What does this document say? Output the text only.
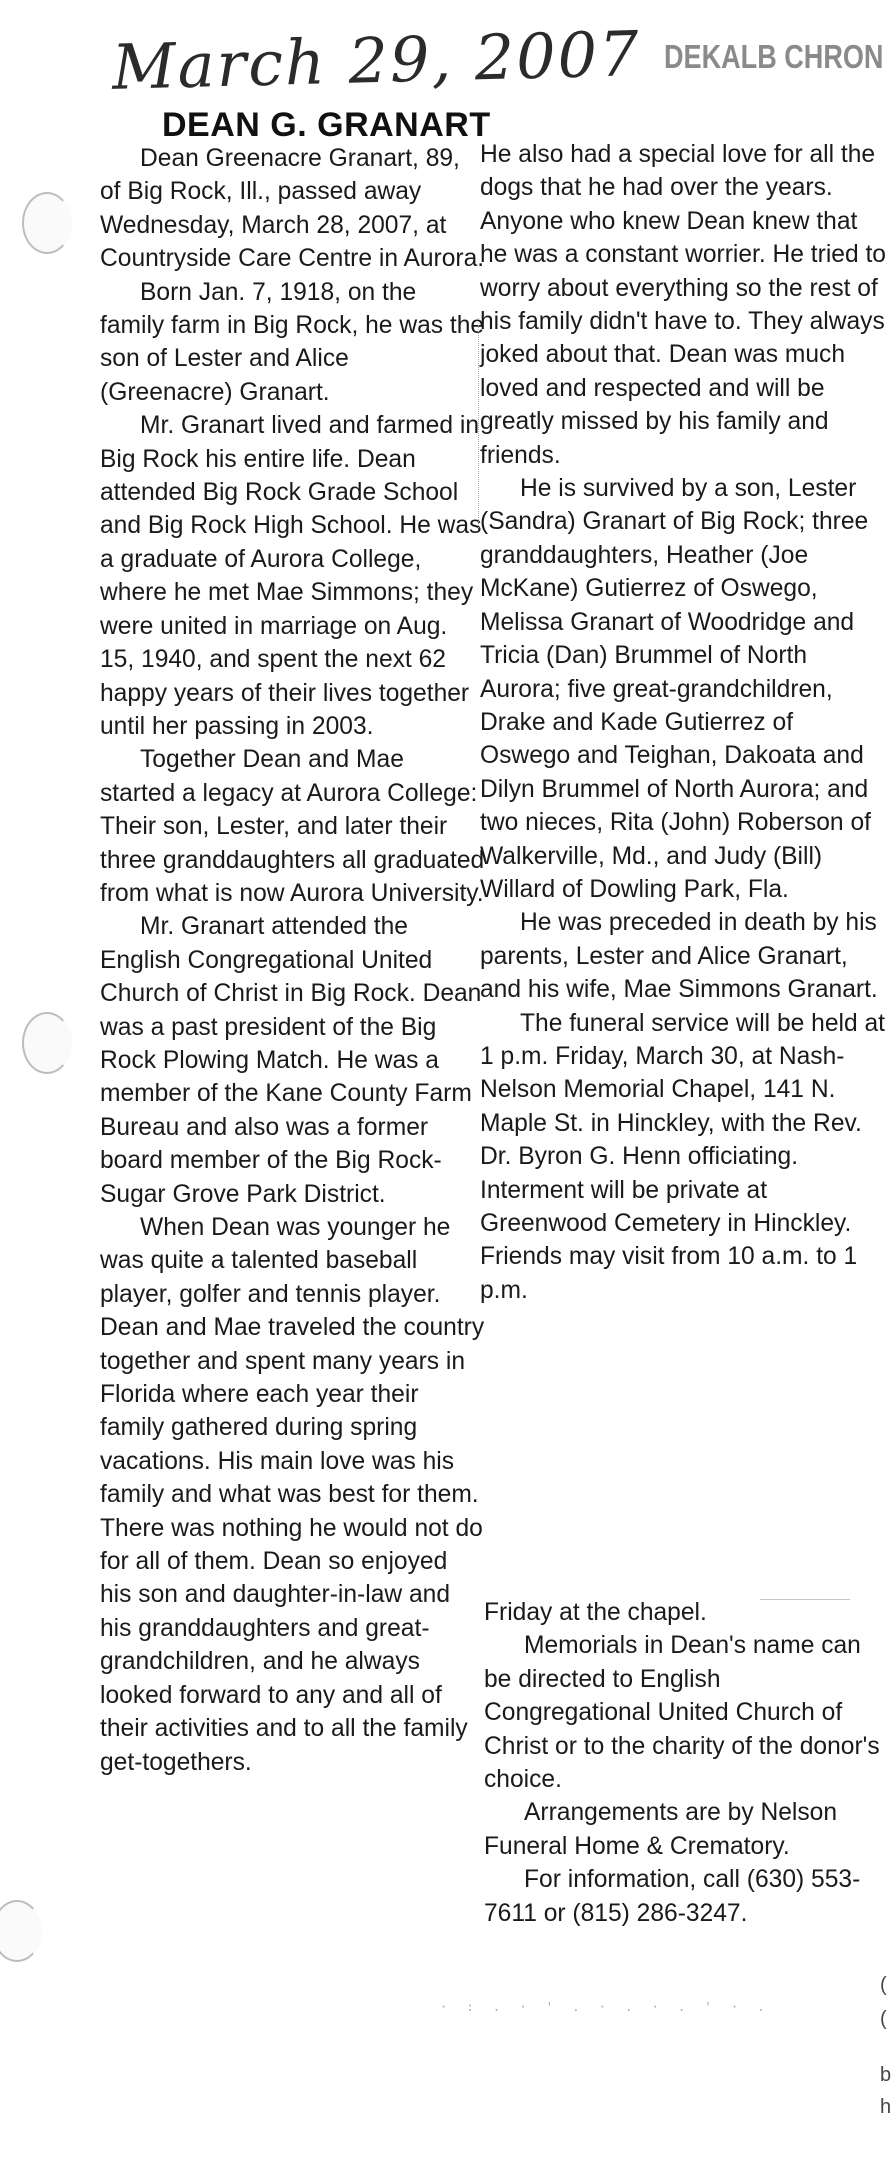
March 29, 2007 DEKALB CHRON
DEAN G. GRANART

Dean Greenacre Granart, 89, of Big Rock, Ill., passed away Wednesday, March 28, 2007, at Countryside Care Centre in Aurora.

Born Jan. 7, 1918, on the family farm in Big Rock, he was the son of Lester and Alice (Greenacre) Granart.

Mr. Granart lived and farmed in Big Rock his entire life. Dean attended Big Rock Grade School and Big Rock High School. He was a graduate of Aurora College, where he met Mae Simmons; they were united in marriage on Aug. 15, 1940, and spent the next 62 happy years of their lives together until her passing in 2003.

Together Dean and Mae started a legacy at Aurora College: Their son, Lester, and later their three granddaughters all graduated from what is now Aurora University.

Mr. Granart attended the English Congregational United Church of Christ in Big Rock. Dean was a past president of the Big Rock Plowing Match. He was a member of the Kane County Farm Bureau and also was a former board member of the Big Rock-Sugar Grove Park District.

When Dean was younger he was quite a talented baseball player, golfer and tennis player. Dean and Mae traveled the country together and spent many years in Florida where each year their family gathered during spring vacations. His main love was his family and what was best for them. There was nothing he would not do for all of them. Dean so enjoyed his son and daughter-in-law and his granddaughters and great-grandchildren, and he always looked forward to any and all of their activities and to all the family get-togethers.

He also had a special love for all the dogs that he had over the years. Anyone who knew Dean knew that he was a constant worrier. He tried to worry about everything so the rest of his family didn't have to. They always joked about that. Dean was much loved and respected and will be greatly missed by his family and friends.

He is survived by a son, Lester (Sandra) Granart of Big Rock; three granddaughters, Heather (Joe McKane) Gutierrez of Oswego, Melissa Granart of Woodridge and Tricia (Dan) Brummel of North Aurora; five great-grandchildren, Drake and Kade Gutierrez of Oswego and Teighan, Dakoata and Dilyn Brummel of North Aurora; and two nieces, Rita (John) Roberson of Walkerville, Md., and Judy (Bill) Willard of Dowling Park, Fla.

He was preceded in death by his parents, Lester and Alice Granart, and his wife, Mae Simmons Granart.

The funeral service will be held at 1 p.m. Friday, March 30, at Nash-Nelson Memorial Chapel, 141 N. Maple St. in Hinckley, with the Rev. Dr. Byron G. Henn officiating. Interment will be private at Greenwood Cemetery in Hinckley. Friends may visit from 10 a.m. to 1 p.m.

Friday at the chapel.

Memorials in Dean's name can be directed to English Congregational United Church of Christ or to the charity of the donor's choice.

Arrangements are by Nelson Funeral Home & Crematory.

For information, call (630) 553-7611 or (815) 286-3247.

· : . · ' . · . · . ' · .
(
(
b
h
